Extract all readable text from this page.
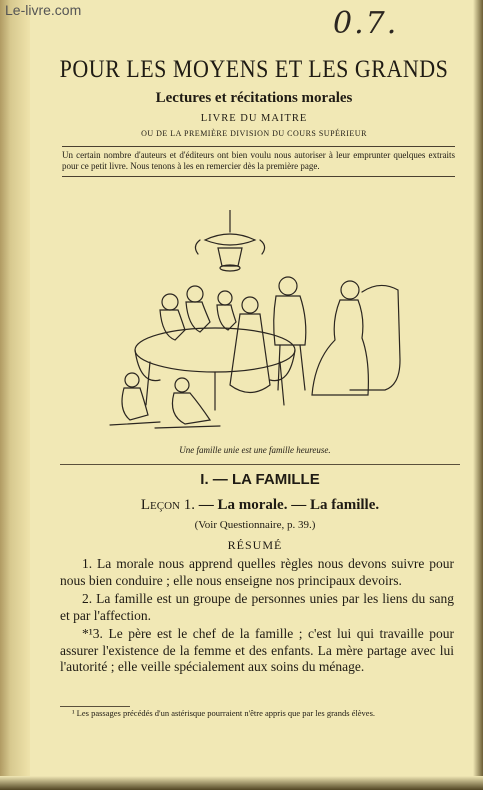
Le-livre.com	0.7.
POUR LES MOYENS ET LES GRANDS
Lectures et récitations morales
LIVRE DU MAITRE
OU DE LA PREMIÈRE DIVISION DU COURS SUPÉRIEUR
Un certain nombre d'auteurs et d'éditeurs ont bien voulu nous autoriser à leur emprunter quelques extraits pour ce petit livre. Nous tenons à les en remercier dès la première page.
Une famille unie est une famille heureuse.
I. — LA FAMILLE
Leçon 1. — La morale. — La famille.
(Voir Questionnaire, p. 39.)
RÉSUMÉ

1. La morale nous apprend quelles règles nous devons suivre pour nous bien conduire ; elle nous enseigne nos principaux devoirs.

2. La famille est un groupe de personnes unies par les liens du sang et par l'affection.

*¹3. Le père est le chef de la famille ; c'est lui qui travaille pour assurer l'existence de la femme et des enfants. La mère partage avec lui l'autorité ; elle veille spécialement aux soins du ménage.

¹ Les passages précédés d'un astérisque pourraient n'être appris que par les grands élèves.
